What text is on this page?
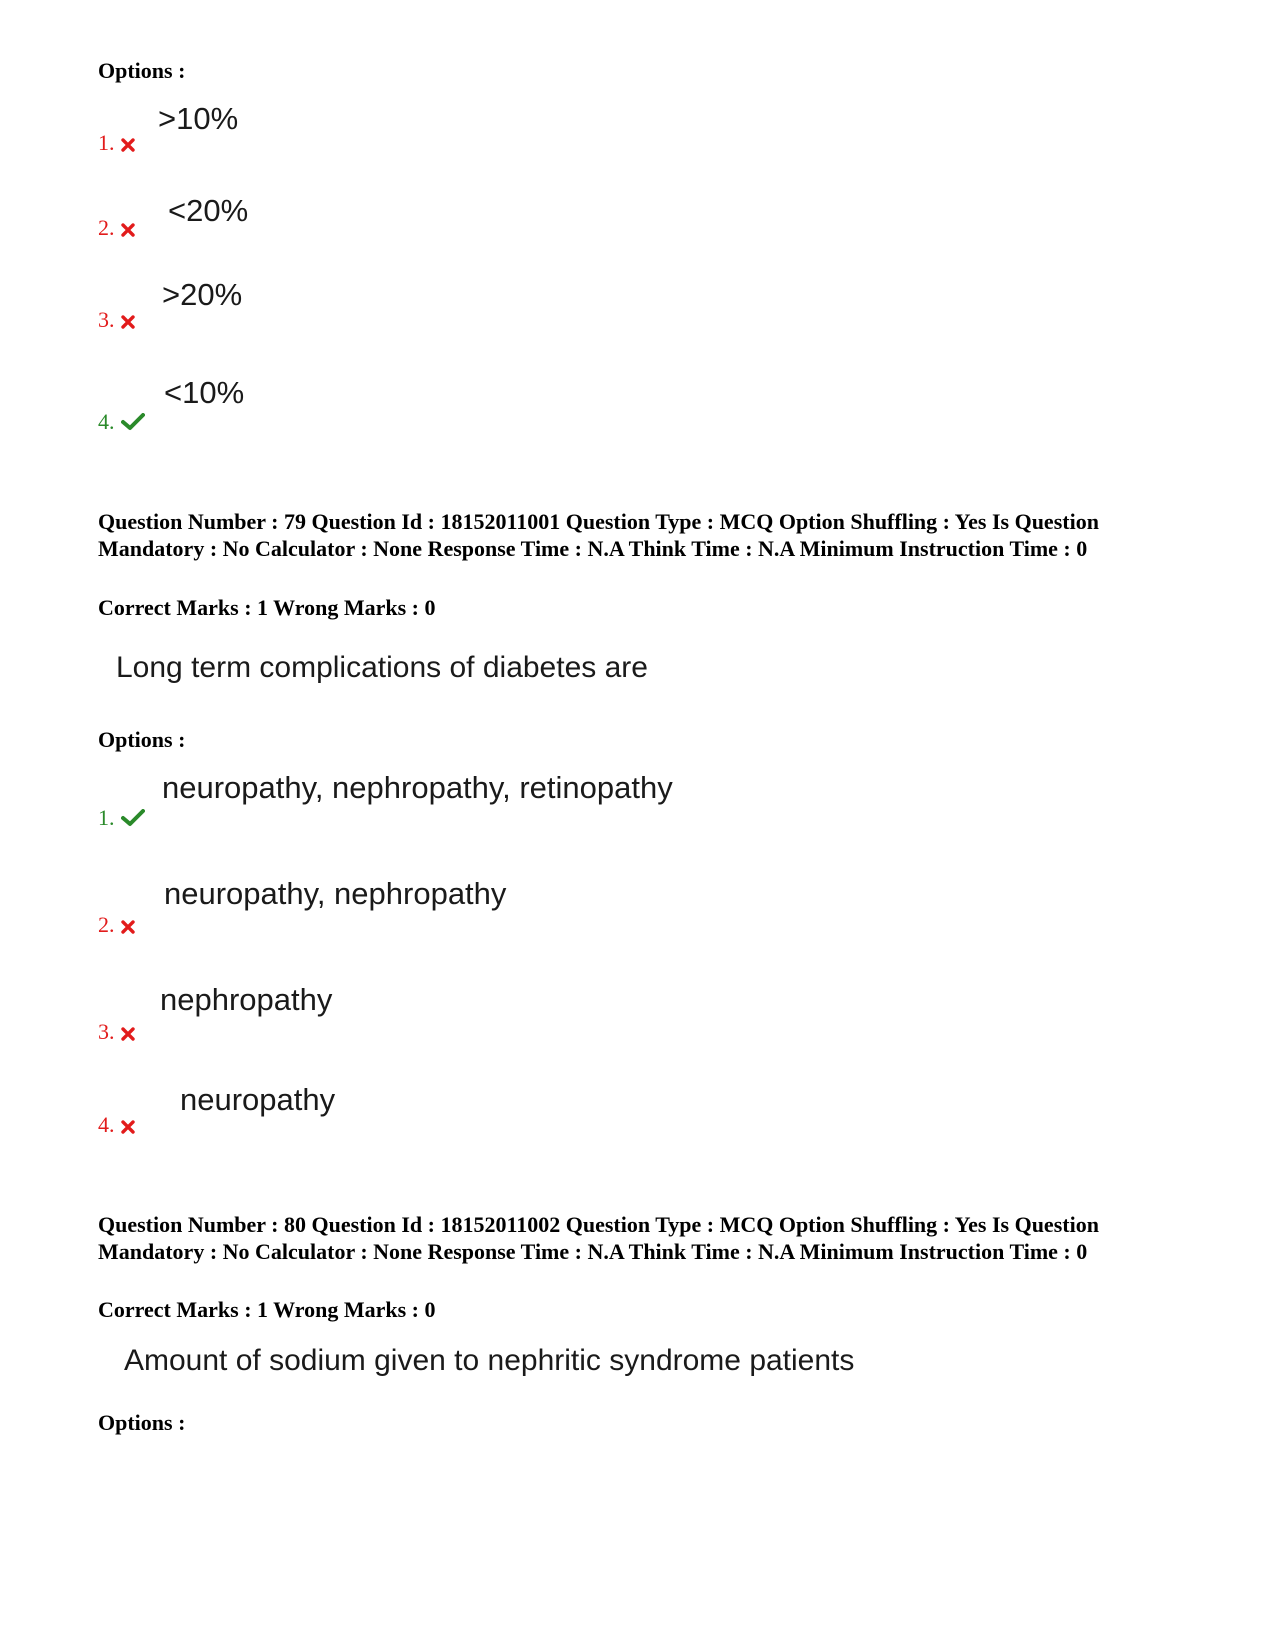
Options :
>10%
1.
<20%
2.
>20%
3.
<10%
4.
Question Number : 79 Question Id : 18152011001 Question Type : MCQ Option Shuffling : Yes Is Question Mandatory : No Calculator : None Response Time : N.A Think Time : N.A Minimum Instruction Time : 0
Correct Marks : 1 Wrong Marks : 0
Long term complications of diabetes are
Options :
neuropathy, nephropathy, retinopathy
1.
neuropathy, nephropathy
2.
nephropathy
3.
neuropathy
4.
Question Number : 80 Question Id : 18152011002 Question Type : MCQ Option Shuffling : Yes Is Question Mandatory : No Calculator : None Response Time : N.A Think Time : N.A Minimum Instruction Time : 0
Correct Marks : 1 Wrong Marks : 0
Amount of sodium given to nephritic syndrome patients
Options :
